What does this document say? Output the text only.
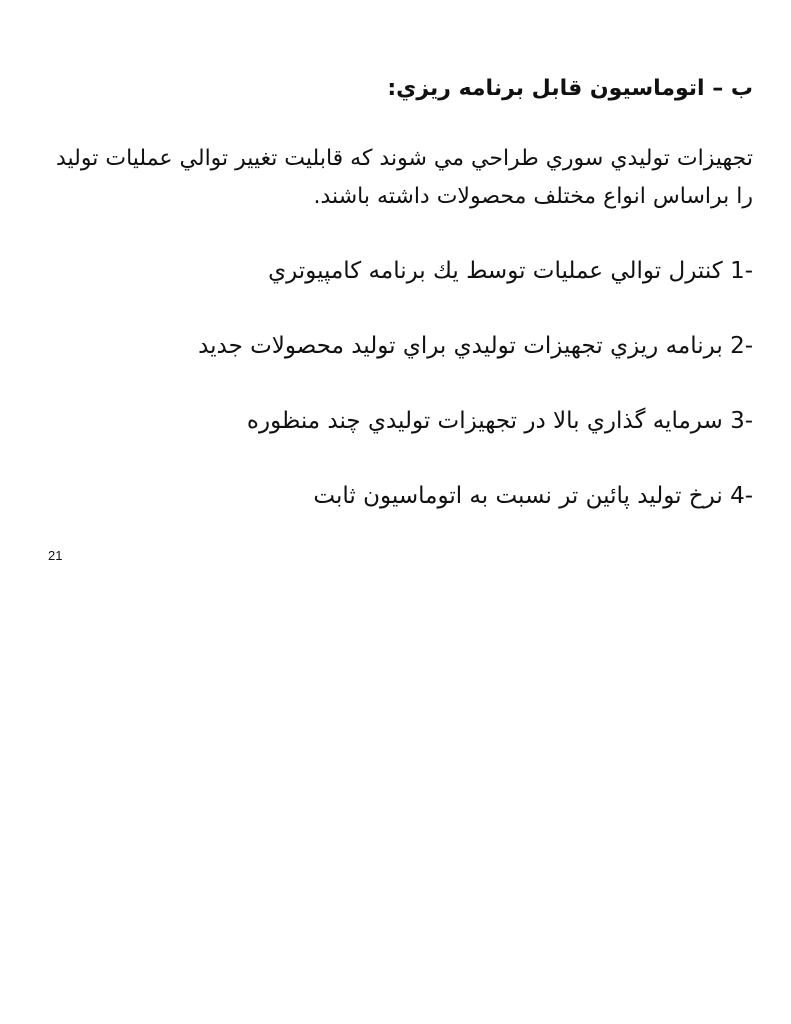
ب – اتوماسيون قابل برنامه ريزي:
تجهيزات توليدي سوري طراحي مي شوند كه قابليت تغيير توالي عمليات توليد را براساس انواع مختلف محصولات داشته باشند.
1- كنترل توالي عمليات توسط يك برنامه كامپيوتري
2- برنامه ريزي تجهيزات توليدي براي توليد محصولات جديد
3- سرمايه گذاري بالا در تجهيزات توليدي چند منظوره
4- نرخ توليد پائين تر نسبت به اتوماسيون ثابت
21
